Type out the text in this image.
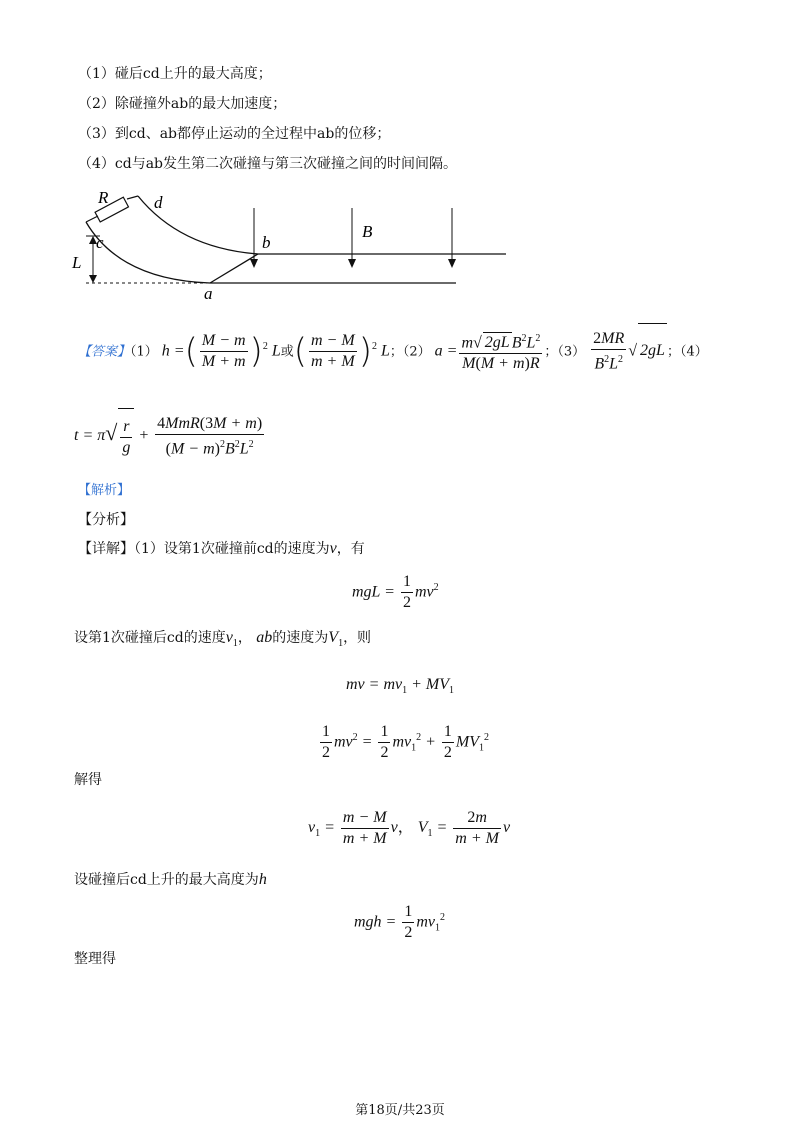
（1）碰后cd上升的最大高度；
（2）除碰撞外ab的最大加速度；
（3）到cd、ab都停止运动的全过程中ab的位移；
（4）cd与ab发生第二次碰撞与第三次碰撞之间的时间间隔。
R	d
c	b
B
L
a
【答案】（1） h =( $\frac{M - m}{M + m} )^2$ L或( $\frac{m - M}{m + M} )^2$ L；（2） $a = \frac{m√ 2gL B^2L^2}{M(M + m)R}$ ；$(3) \frac{2MR}{B^2L^2}$ √ 2gL ；（4）
$t = \pi√ \frac{r}{g} + \frac{\text{4MmR(3M + m)}}{(M - m)^2B^2L^2}$
【解析】
【分析】
【详解】（1）设第1次碰撞前cd的速度为v，有
mgL = $\frac{1}{2} mv^2$
设第1次碰撞后cd的速度$v_1$， ab的速度为$V_1$，则
mv = $mv_1 + MV_1$
$\frac{1}{2} mv^2 = \frac{1}{2} mv_1^2 + \frac{1}{2} MV_1^2$
解得
$v_1 = \frac{m - M}{m + M}$ v， $V_1 = \frac{2m}{m + M}$ v
设碰撞后cd上升的最大高度为h
mgh = $\frac{1}{2} mv_1^2$
整理得
第18页/共23页
